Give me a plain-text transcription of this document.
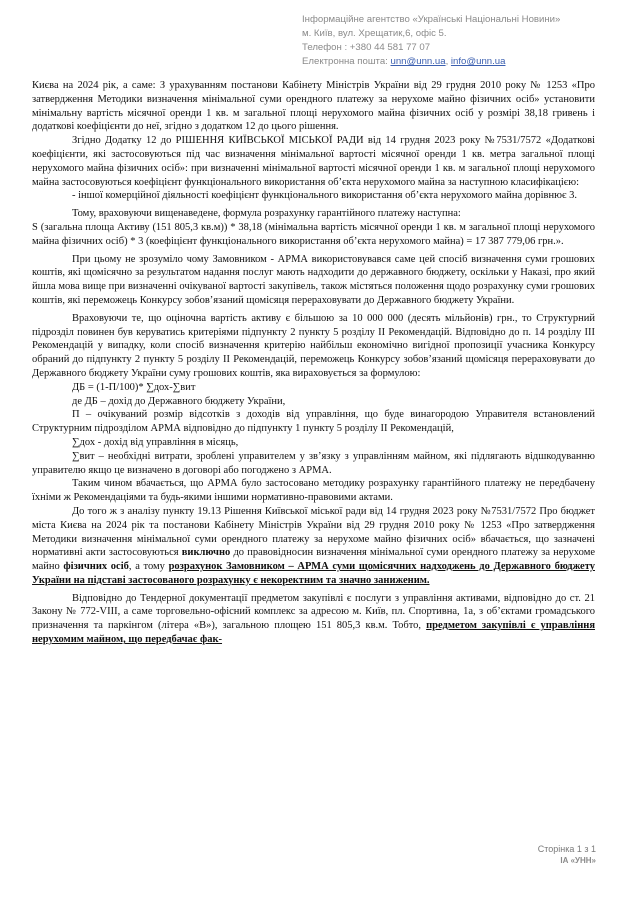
Інформаційне агентство «Українські Національні Новини»
м. Київ, вул. Хрещатик,6, офіс 5.
Телефон : +380 44 581 77 07
Електронна пошта: unn@unn.ua, info@unn.ua

Києва на 2024 рік, а саме: З урахуванням постанови Кабінету Міністрів України від 29 грудня 2010 року № 1253 «Про затвердження Методики визначення мінімальної суми орендного платежу за нерухоме майно фізичних осіб» установити мінімальну вартість місячної оренди 1 кв. м загальної площі нерухомого майна фізичних осіб у розмірі 38,18 гривень і додаткові коефіцієнти до неї, згідно з додатком 12 до цього рішення.

Згідно Додатку 12 до РІШЕННЯ КИЇВСЬКОЇ МІСЬКОЇ РАДИ від 14 грудня 2023 року №7531/7572 «Додаткові коефіцієнти, які застосовуються під час визначення мінімальної вартості місячної оренди 1 кв. метра загальної площі нерухомого майна фізичних осіб»: при визначенні мінімальної вартості місячної оренди 1 кв. м загальної площі нерухомого майна застосовуються коефіцієнт функціонального використання об’єкта нерухомого майна за наступною класифікацією:

- іншої комерційної діяльності коефіцієнт функціонального використання об’єкта нерухомого майна дорівнює 3.

Тому, враховуючи вищенаведене, формула розрахунку гарантійного платежу наступна:

S (загальна площа Активу (151 805,3 кв.м)) * 38,18 (мінімальна вартість місячної оренди 1 кв. м загальної площі нерухомого майна фізичних осіб) * 3 (коефіцієнт функціонального використання об’єкта нерухомого майна) = 17 387 779,06 грн.».

При цьому не зрозуміло чому Замовником - АРМА використовувався саме цей спосіб визначення суми грошових коштів, які щомісячно за результатом надання послуг мають надходити до державного бюджету, оскільки у Наказі, про який йшла мова вище при визначенні очікуваної вартості закупівель, також містяться положення щодо розрахунку суми грошових коштів, які переможець Конкурсу зобов’язаний щомісяця перераховувати до Державного бюджету України.

Враховуючи те, що оціночна вартість активу є більшою за 10 000 000 (десять мільйонів) грн., то Структурний підрозділ повинен був керуватись критеріями підпункту 2 пункту 5 розділу II Рекомендацій. Відповідно до п. 14 розділу III Рекомендацій у випадку, коли спосіб визначення критерію найбільш економічно вигідної пропозиції учасника Конкурсу обраний до підпункту 2 пункту 5 розділу II Рекомендацій, переможець Конкурсу зобов’язаний щомісяця перераховувати до Державного бюджету України суму грошових коштів, яка вираховується за формулою:

ДБ = (1-П/100)* ∑дох-∑вит

де ДБ – дохід до Державного бюджету України,

П – очікуваний розмір відсотків з доходів від управління, що буде винагородою Управителя встановлений Структурним підрозділом АРМА відповідно до підпункту 1 пункту 5 розділу II Рекомендацій,

∑дох - дохід від управління в місяць,

∑вит – необхідні витрати, зроблені управителем у зв’язку з управлінням майном, які підлягають відшкодуванню управителю якщо це визначено в договорі або погоджено з АРМА.

Таким чином вбачається, що АРМА було застосовано методику розрахунку гарантійного платежу не передбачену їхніми ж Рекомендаціями та будь-якими іншими нормативно-правовими актами.

До того ж з аналізу пункту 19.13 Рішення Київської міської ради від 14 грудня 2023 року №7531/7572 Про бюджет міста Києва на 2024 рік та постанови Кабінету Міністрів України від 29 грудня 2010 року № 1253 «Про затвердження Методики визначення мінімальної суми орендного платежу за нерухоме майно фізичних осіб» вбачається, що зазначені нормативні акти застосовуються виключно до правовідносин визначення мінімальної суми орендного платежу за нерухоме майно фізичних осіб, а тому розрахунок Замовником – АРМА суми щомісячних надходжень до Державного бюджету України на підставі застосованого розрахунку є некоректним та значно заниженим.

Відповідно до Тендерної документації предметом закупівлі є послуги з управління активами, відповідно до ст. 21 Закону № 772-VIII, а саме торговельно-офісний комплекс за адресою м. Київ, пл. Спортивна, 1а, з об’єктами громадського призначення та паркінгом (літера «В»), загальною площею 151 805,3 кв.м. Тобто, предметом закупівлі є управління нерухомим майном, що передбачає фак-

Сторінка 1 з 1
ІА «УНН»
